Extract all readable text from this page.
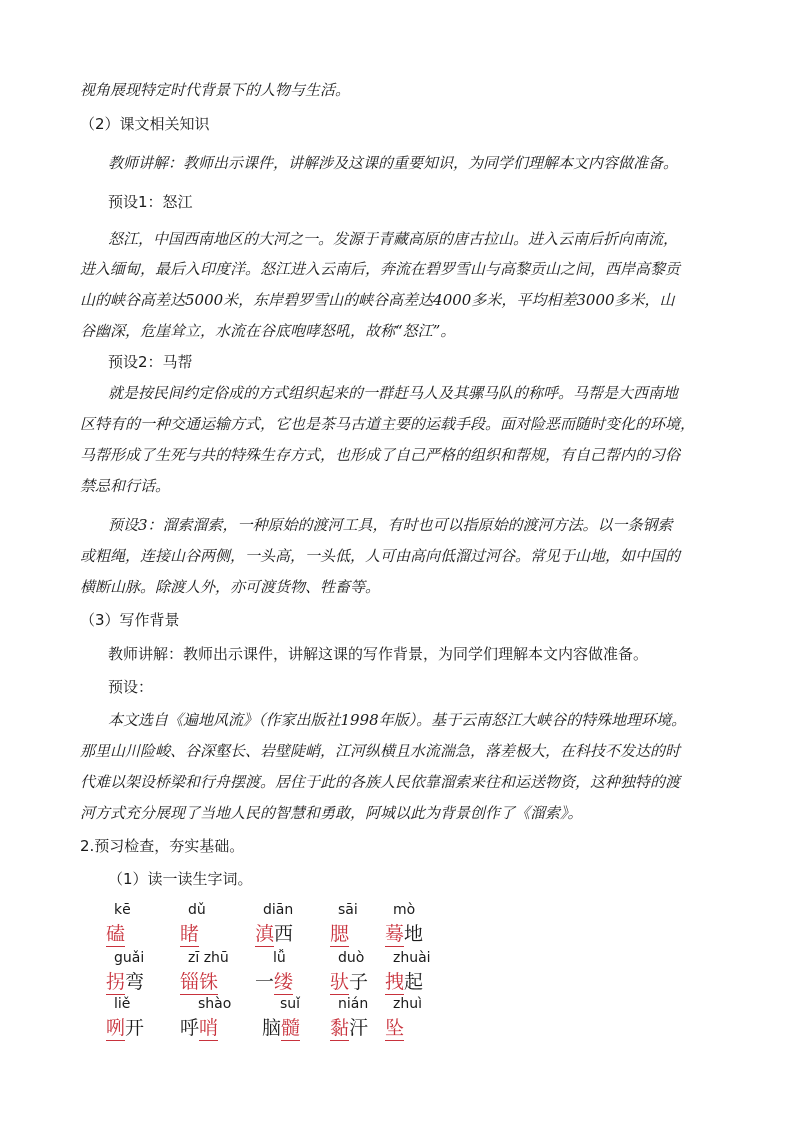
视角展现特定时代背景下的人物与生活。
（2）课文相关知识
教师讲解：教师出示课件，讲解涉及这课的重要知识，为同学们理解本文内容做准备。
预设1：怒江
怒江，中国西南地区的大河之一。发源于青藏高原的唐古拉山。进入云南后折向南流，
进入缅甸，最后入印度洋。怒江进入云南后，奔流在碧罗雪山与高黎贡山之间，西岸高黎贡
山的峡谷高差达5000米，东岸碧罗雪山的峡谷高差达4000多米，平均相差3000多米，山
谷幽深，危崖耸立，水流在谷底咆哮怒吼，故称“怒江”。
预设2：马帮
就是按民间约定俗成的方式组织起来的一群赶马人及其骡马队的称呼。马帮是大西南地
区特有的一种交通运输方式，它也是茶马古道主要的运载手段。面对险恶而随时变化的环境，
马帮形成了生死与共的特殊生存方式，也形成了自己严格的组织和帮规，有自己帮内的习俗
禁忌和行话。
预设3：溜索溜索，一种原始的渡河工具，有时也可以指原始的渡河方法。以一条钢索
或粗绳，连接山谷两侧，一头高，一头低，人可由高向低溜过河谷。常见于山地，如中国的
横断山脉。除渡人外，亦可渡货物、牲畜等。
（3）写作背景
教师讲解：教师出示课件，讲解这课的写作背景，为同学们理解本文内容做准备。
预设：
本文选自《遍地风流》（作家出版社1998年版）。基于云南怒江大峡谷的特殊地理环境。
那里山川险峻、谷深壑长、岩壁陡峭，江河纵横且水流湍急，落差极大，在科技不发达的时
代难以架设桥梁和行舟摆渡。居住于此的各族人民依靠溜索来往和运送物资，这种独特的渡
河方式充分展现了当地人民的智慧和勇敢，阿城以此为背景创作了《溜索》。
2.预习检查，夯实基础。
（1）读一读生字词。
kē
磕
dǔ
睹
diān
滇西
sāi
腮
mò
蓦地
guǎi
拐弯
zī zhū
锱铢
lǚ
一缕
duò
驮子
zhuài
拽起
liě
咧开
shào
呼哨
suǐ
脑髓
nián
黏汗
zhuì
坠
